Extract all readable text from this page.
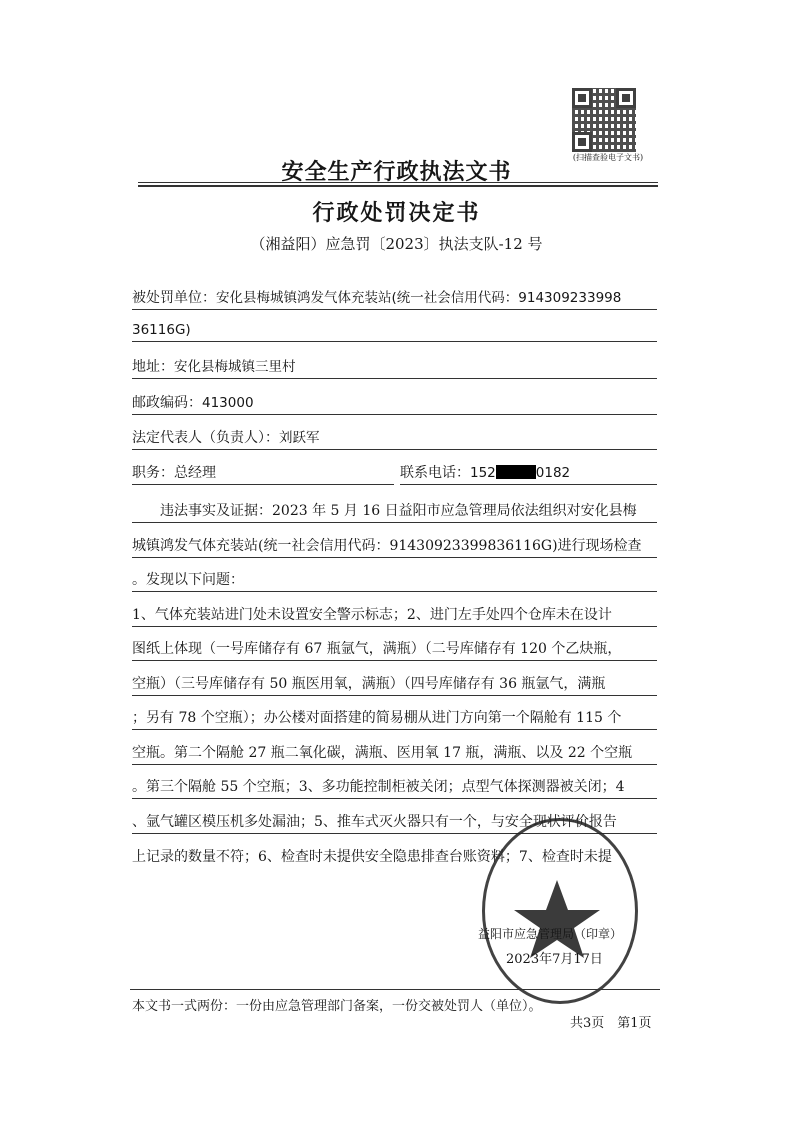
(扫描查验电子文书)
安全生产行政执法文书
行政处罚决定书
（湘益阳）应急罚〔2023〕执法支队-12 号
被处罚单位：安化县梅城镇鸿发气体充装站(统一社会信用代码：914309233998
36116G)
地址：安化县梅城镇三里村
邮政编码：413000
法定代表人（负责人）：刘跃军
职务：总经理	联系电话：152	0182
　　违法事实及证据：2023 年 5 月 16 日益阳市应急管理局依法组织对安化县梅
城镇鸿发气体充装站(统一社会信用代码：91430923399836116G)进行现场检查
。发现以下问题：
1、气体充装站进门处未设置安全警示标志；2、进门左手处四个仓库未在设计
图纸上体现（一号库储存有 67 瓶氩气，满瓶）（二号库储存有 120 个乙炔瓶，
空瓶）（三号库储存有 50 瓶医用氧，满瓶）（四号库储存有 36 瓶氩气，满瓶
；另有 78 个空瓶）；办公楼对面搭建的简易棚从进门方向第一个隔舱有 115 个
空瓶。第二个隔舱 27 瓶二氧化碳，满瓶、医用氧 17 瓶，满瓶、以及 22 个空瓶
。第三个隔舱 55 个空瓶；3、多功能控制柜被关闭；点型气体探测器被关闭；4
、氩气罐区模压机多处漏油；5、推车式灭火器只有一个，与安全现状评价报告
上记录的数量不符；6、检查时未提供安全隐患排查台账资料；7、检查时未提
益阳市应急管理局（印章）
2023年7月17日
本文书一式两份：一份由应急管理部门备案，一份交被处罚人（单位）。
共3页　第1页
